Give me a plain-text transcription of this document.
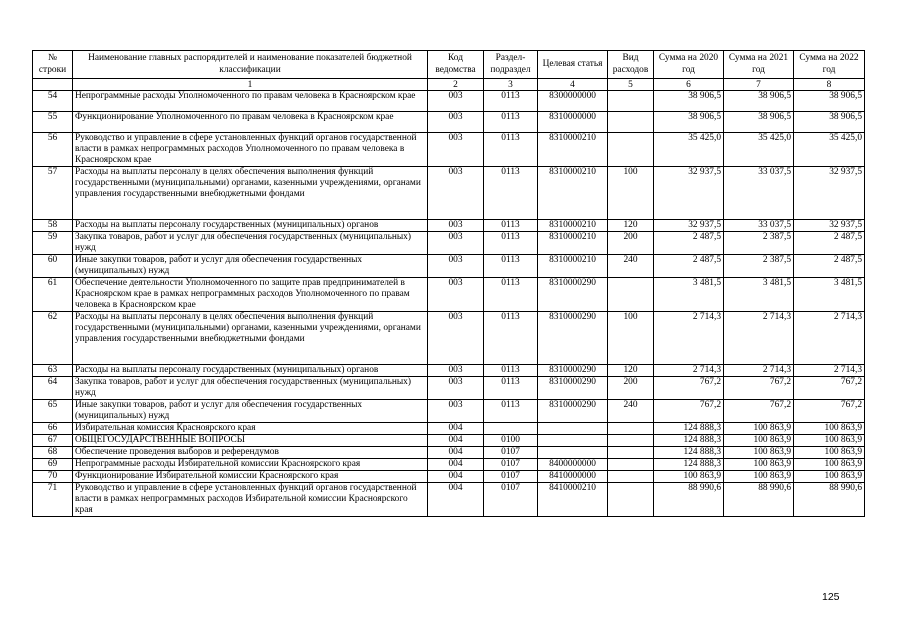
№ строки	Наименование главных распорядителей и наименование показателей бюджетной классификации	Код ведомства	Раздел-подраздел	Целевая статья	Вид расходов	Сумма на 2020 год	Сумма на 2021 год	Сумма на 2022 год
	1	2	3	4	5	6	7	8
54	Непрограммные расходы Уполномоченного по правам человека в Красноярском крае	003	0113	8300000000		38 906,5	38 906,5	38 906,5
55	Функционирование Уполномоченного по правам человека в Красноярском крае	003	0113	8310000000		38 906,5	38 906,5	38 906,5
56	Руководство и управление в сфере установленных функций органов государственной власти в рамках непрограммных расходов Уполномоченного по правам человека в Красноярском крае	003	0113	8310000210		35 425,0	35 425,0	35 425,0
57	Расходы на выплаты персоналу в целях обеспечения выполнения функций государственными (муниципальными) органами, казенными учреждениями, органами управления государственными внебюджетными фондами	003	0113	8310000210	100	32 937,5	33 037,5	32 937,5
58	Расходы на выплаты персоналу государственных (муниципальных) органов	003	0113	8310000210	120	32 937,5	33 037,5	32 937,5
59	Закупка товаров, работ и услуг для обеспечения государственных (муниципальных) нужд	003	0113	8310000210	200	2 487,5	2 387,5	2 487,5
60	Иные закупки товаров, работ и услуг для обеспечения государственных (муниципальных) нужд	003	0113	8310000210	240	2 487,5	2 387,5	2 487,5
61	Обеспечение деятельности Уполномоченного по защите прав предпринимателей в Красноярском крае в рамках непрограммных расходов Уполномоченного по правам человека в Красноярском крае	003	0113	8310000290		3 481,5	3 481,5	3 481,5
62	Расходы на выплаты персоналу в целях обеспечения выполнения функций государственными (муниципальными) органами, казенными учреждениями, органами управления государственными внебюджетными фондами	003	0113	8310000290	100	2 714,3	2 714,3	2 714,3
63	Расходы на выплаты персоналу государственных (муниципальных) органов	003	0113	8310000290	120	2 714,3	2 714,3	2 714,3
64	Закупка товаров, работ и услуг для обеспечения государственных (муниципальных) нужд	003	0113	8310000290	200	767,2	767,2	767,2
65	Иные закупки товаров, работ и услуг для обеспечения государственных (муниципальных) нужд	003	0113	8310000290	240	767,2	767,2	767,2
66	Избирательная комиссия Красноярского края	004				124 888,3	100 863,9	100 863,9
67	ОБЩЕГОСУДАРСТВЕННЫЕ ВОПРОСЫ	004	0100			124 888,3	100 863,9	100 863,9
68	Обеспечение проведения выборов и референдумов	004	0107			124 888,3	100 863,9	100 863,9
69	Непрограммные расходы Избирательной комиссии Красноярского края	004	0107	8400000000		124 888,3	100 863,9	100 863,9
70	Функционирование Избирательной комиссии Красноярского края	004	0107	8410000000		100 863,9	100 863,9	100 863,9
71	Руководство и управление в сфере установленных функций органов государственной власти в рамках непрограммных расходов Избирательной комиссии Красноярского края	004	0107	8410000210		88 990,6	88 990,6	88 990,6
125
